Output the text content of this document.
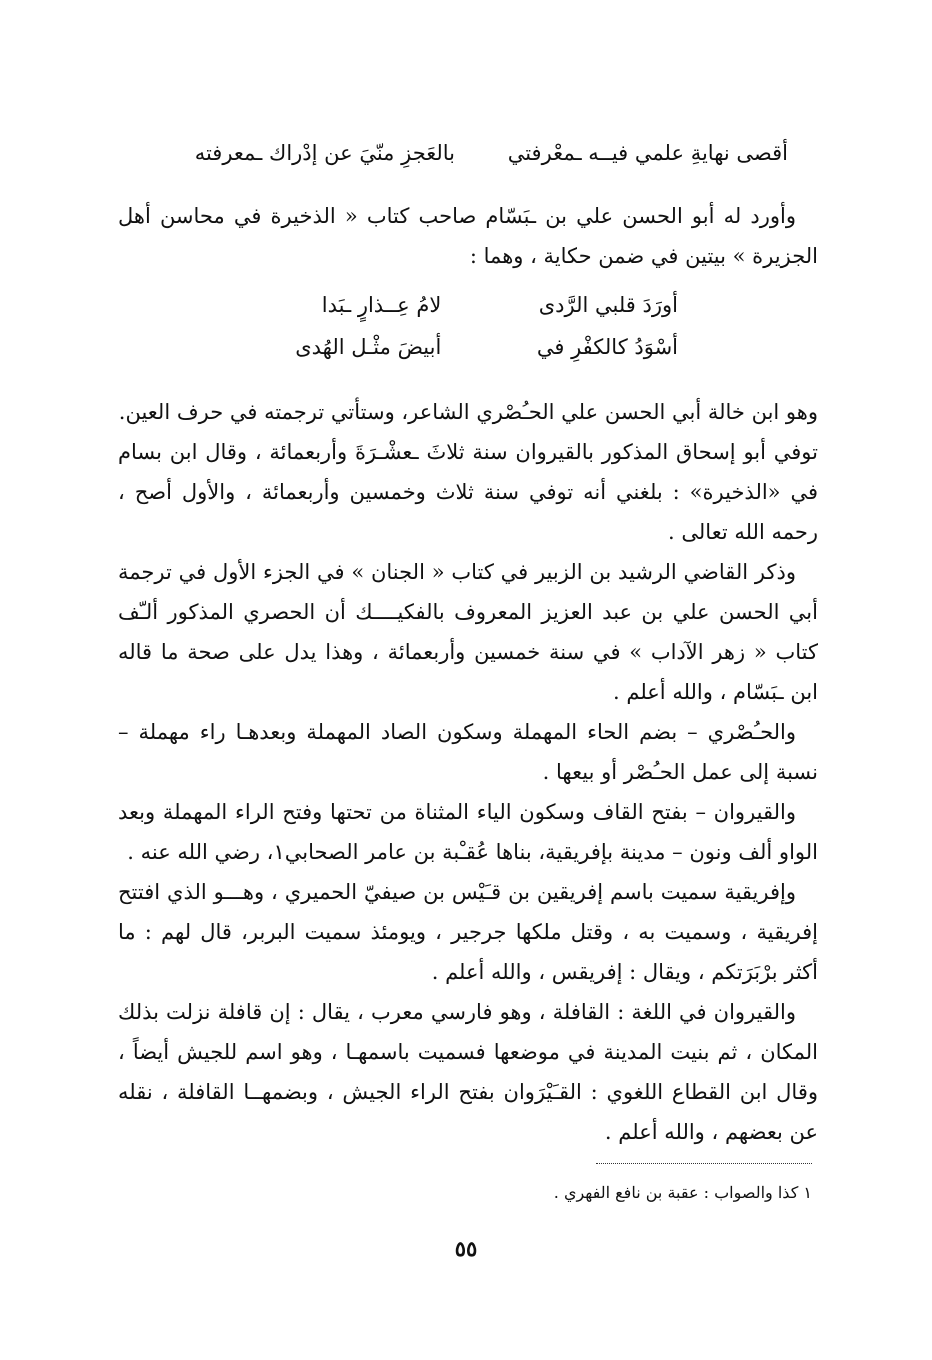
أقصى نهايةِ علمي فيــه ـمعْرفتي بالعَجزِ منّيَ عن إدْراك ـمعرفته

وأورد له أبو الحسن علي بن ـبَسّام صاحب كتاب « الذخيرة في محاسن أهل الجزيرة » بيتين في ضمن حكاية ، وهما :

أورَدَ قلبي الرَّدى لامُ عِــذارٍ ـبَدا
أسْوَدُ كالكفْرِ في أبيضَ مثْـل الهُدى

وهو ابن خالة أبي الحسن علي الحـُصْري الشاعر، وستأتي ترجمته في حرف العين.

توفي أبو إسحاق المذكور بالقيروان سنة ثلاثَ ـعشْـرَةَ وأربعمائة ، وقال ابن بسام في «الذخيرة» : بلغني أنه توفي سنة ثلاث وخمسين وأربعمائة ، والأول أصح ، رحمه الله تعالى .

وذكر القاضي الرشيد بن الزبير في كتاب « الجنان » في الجزء الأول في ترجمة أبي الحسن علي بن عبد العزيز المعروف بالفكيــــك أن الحصري المذكور ألـّف كتاب « زهر الآداب » في سنة خمسين وأربعمائة ، وهذا يدل على صحة ما قاله ابن ـبَسّام ، والله أعلم .

والحـُصْري – بضم الحاء المهملة وسكون الصاد المهملة وبعدهـا راء مهملة – نسبة إلى عمل الحـُصْر أو بيعها .

والقيروان – بفتح القاف وسكون الياء المثناة من تحتها وفتح الراء المهملة وبعد الواو ألف ونون – مدينة بإفريقية، بناها عُقـْبة بن عامر الصحابي١، رضي الله عنه .

وإفريقية سميت باسم إفريقين بن قـَيْس بن صيفيّ الحميري ، وهـــو الذي افتتح إفريقية ، وسميت به ، وقتل ملكها جرجير ، ويومئذ سميت البربر، قال لهم : ما أكثر برْبَرَتكم ، ويقال : إفريقس ، والله أعلم .

والقيروان في اللغة : القافلة ، وهو فارسي معرب ، يقال : إن قافلة نزلت بذلك المكان ، ثم بنيت المدينة في موضعها فسميت باسمهـا ، وهو اسم للجيش أيضاً ، وقال ابن القطاع اللغوي : القـَيْرَوان بفتح الراء الجيش ، وبضمهــا القافلة ، نقله عن بعضهم ، والله أعلم .

١ كذا والصواب : عقبة بن نافع الفهري .
٥٥
